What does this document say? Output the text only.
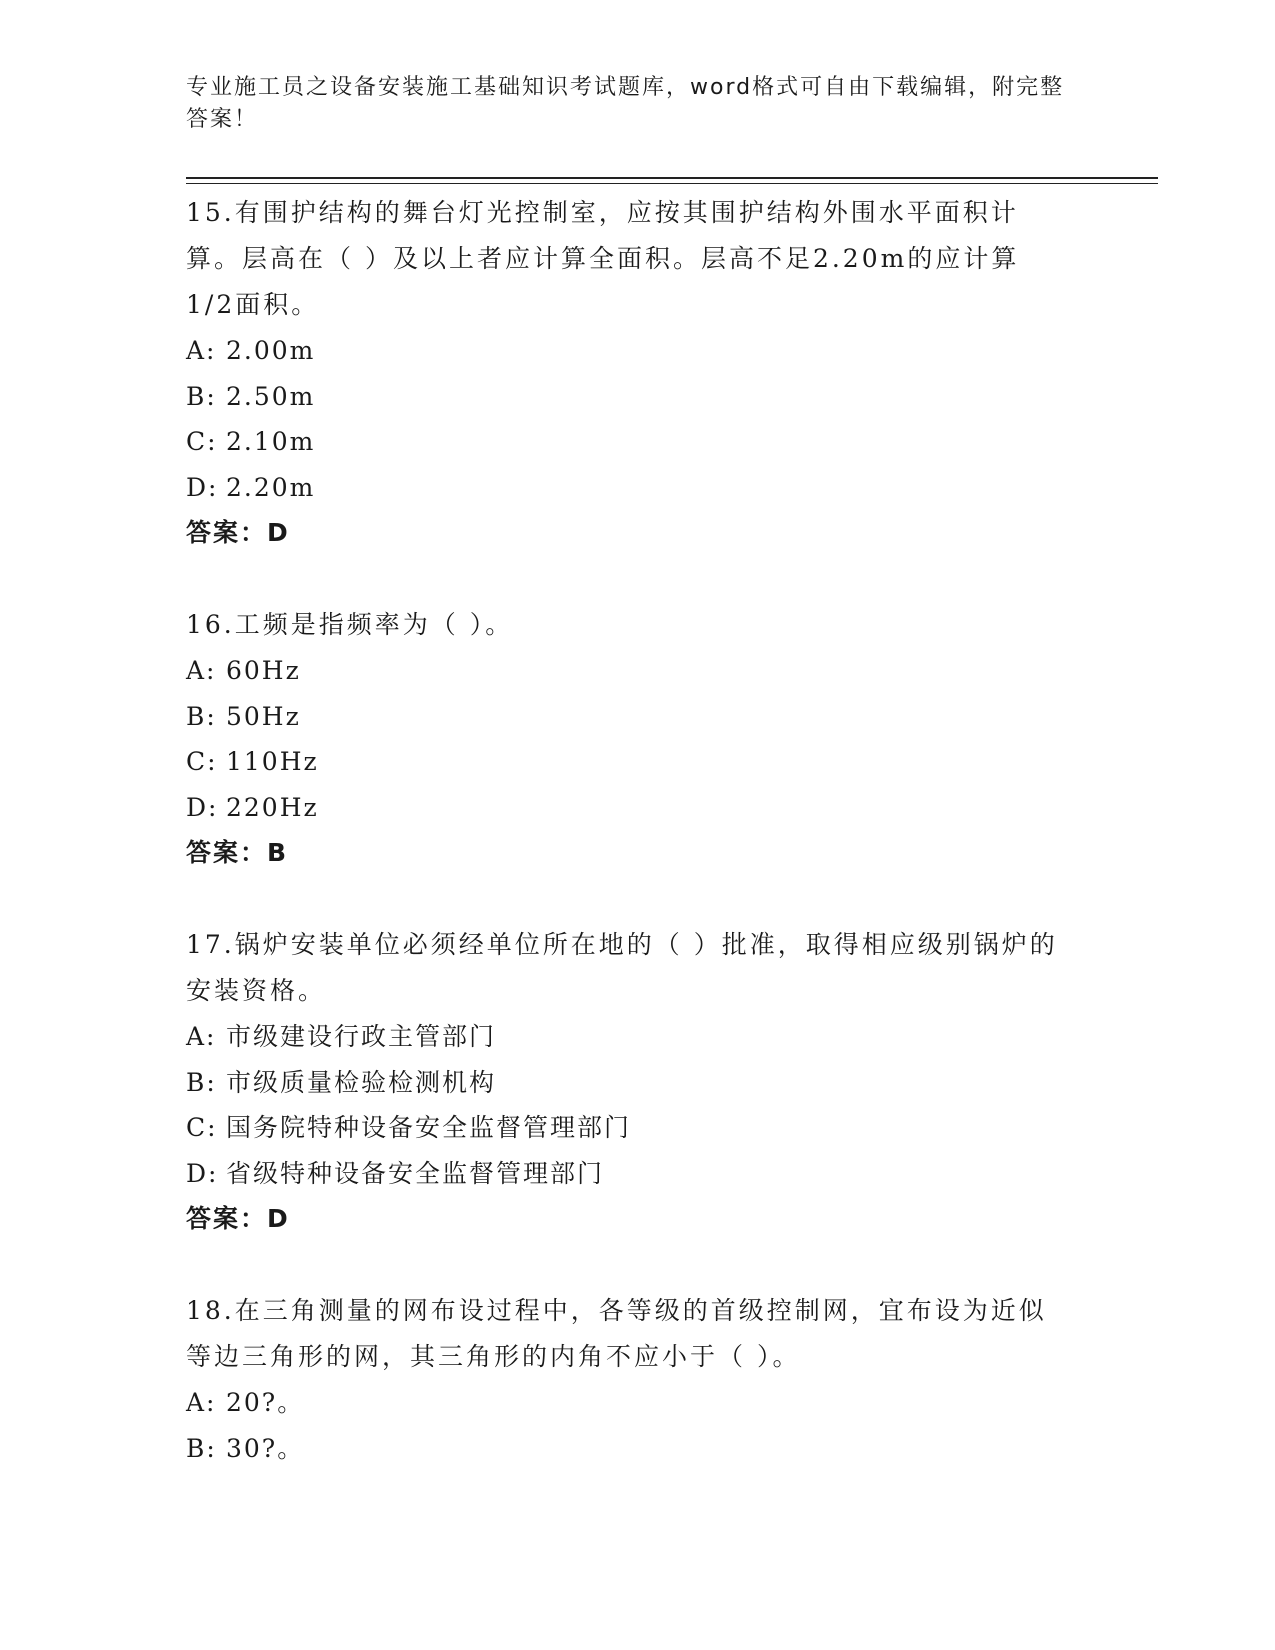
专业施工员之设备安装施工基础知识考试题库，word格式可自由下载编辑，附完整答案！
15.有围护结构的舞台灯光控制室，应按其围护结构外围水平面积计算。层高在（ ）及以上者应计算全面积。层高不足2.20m的应计算1/2面积。
A: 2.00m
B: 2.50m
C: 2.10m
D: 2.20m
答案：D
16.工频是指频率为（ ）。
A: 60Hz
B: 50Hz
C: 110Hz
D: 220Hz
答案：B
17.锅炉安装单位必须经单位所在地的（ ）批准，取得相应级别锅炉的安装资格。
A: 市级建设行政主管部门
B: 市级质量检验检测机构
C: 国务院特种设备安全监督管理部门
D: 省级特种设备安全监督管理部门
答案：D
18.在三角测量的网布设过程中，各等级的首级控制网，宜布设为近似等边三角形的网，其三角形的内角不应小于（ ）。
A: 20?。
B: 30?。
